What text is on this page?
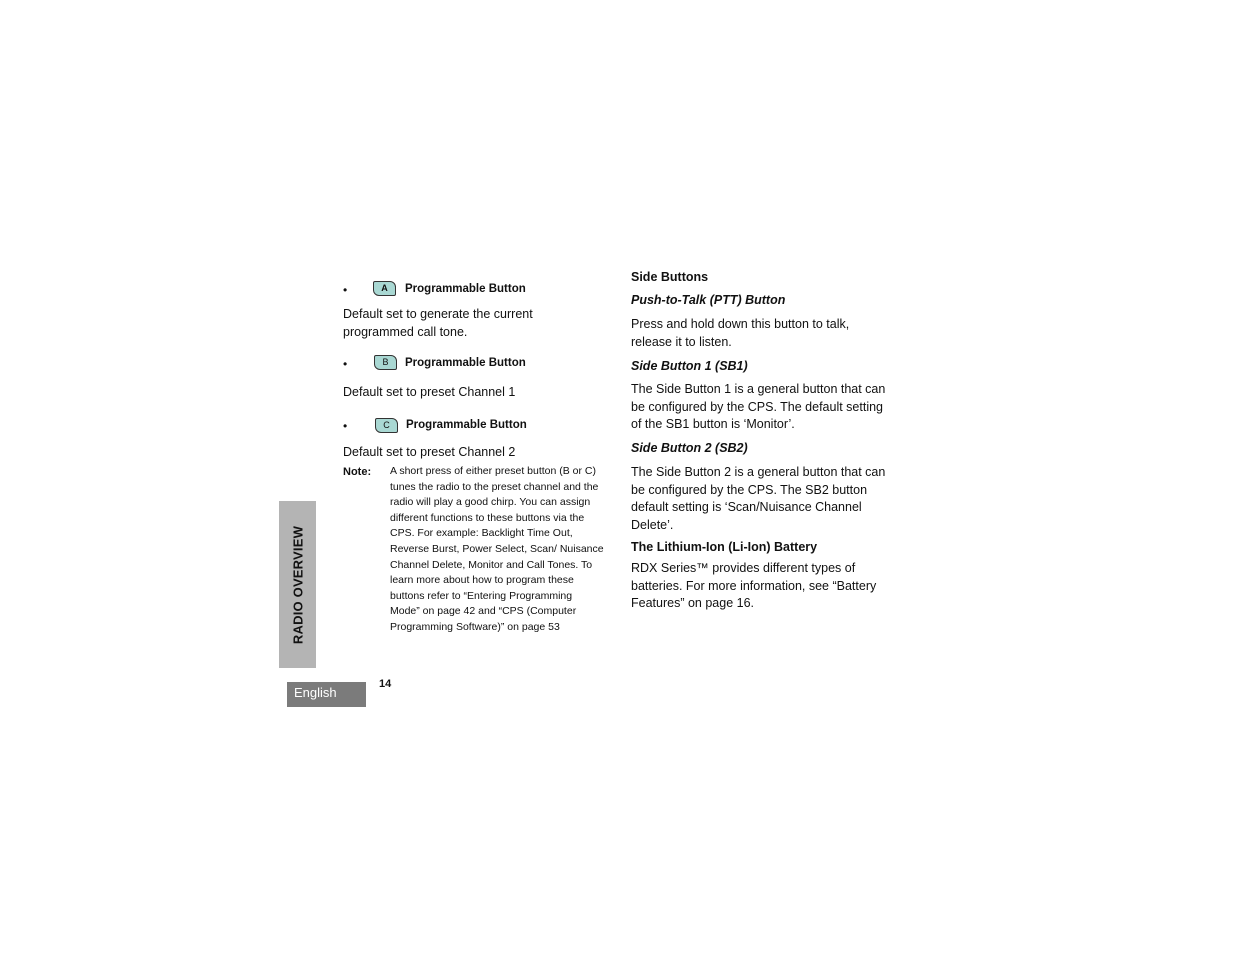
RADIO OVERVIEW
English
14
•	A	Programmable Button
Default set to generate the current programmed call tone.
•	B	Programmable Button
Default set to preset Channel 1
•	C	Programmable Button
Default set to preset Channel 2
Note: A short press of either preset button (B or C) tunes the radio to the preset channel and the radio will play a good chirp. You can assign different functions to these buttons via the CPS. For example: Backlight Time Out, Reverse Burst, Power Select, Scan/ Nuisance Channel Delete, Monitor and Call Tones. To learn more about how to program these buttons refer to “Entering Programming Mode” on page 42 and “CPS (Computer Programming Software)” on page 53
Side Buttons
Push-to-Talk (PTT) Button
Press and hold down this button to talk, release it to listen.
Side Button 1 (SB1)
The Side Button 1 is a general button that can be configured by the CPS. The default setting of the SB1 button is ‘Monitor’.
Side Button 2 (SB2)
The Side Button 2 is a general button that can be configured by the CPS. The SB2 button default setting is ‘Scan/Nuisance Channel Delete’.
The Lithium-Ion (Li-Ion) Battery
RDX Series™ provides different types of batteries. For more information, see “Battery Features” on page 16.
